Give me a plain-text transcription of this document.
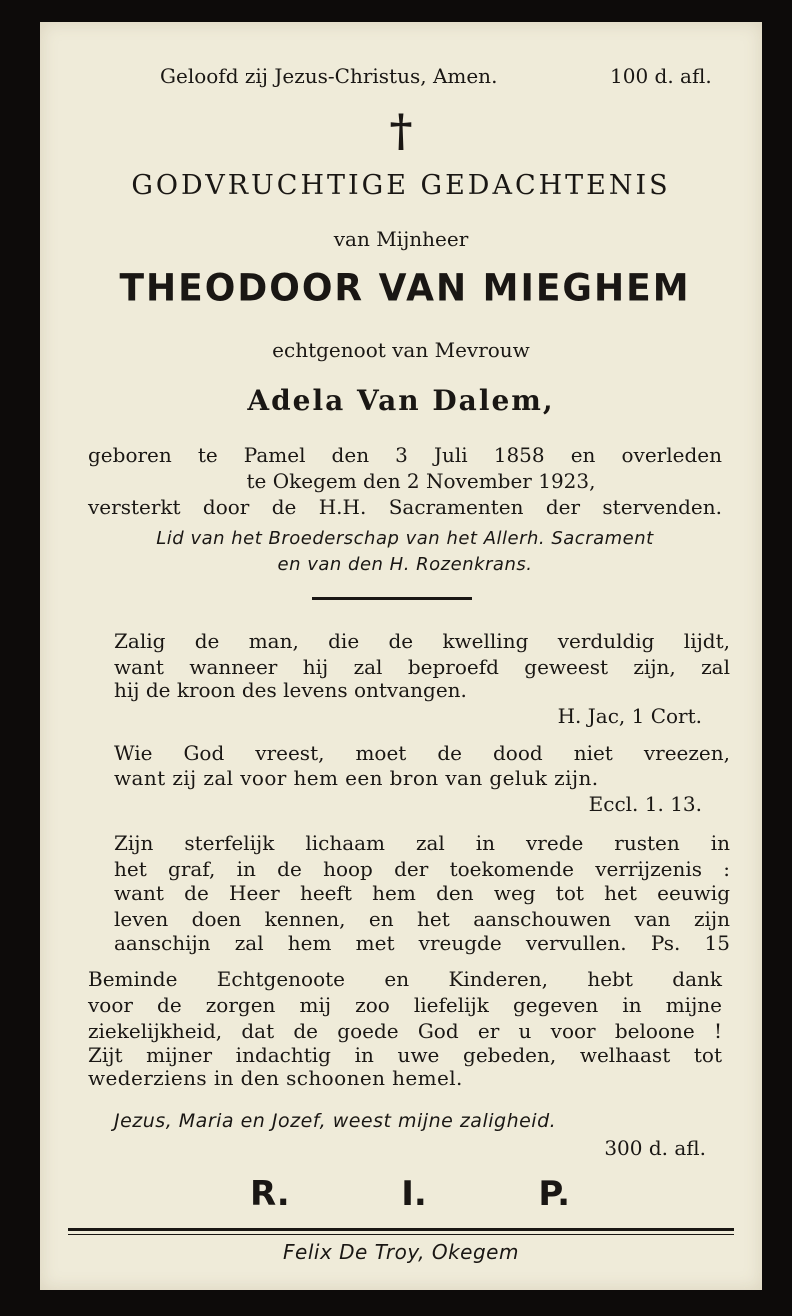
Geloofd zij Jezus-Christus, Amen.	100 d. afl.
†
GODVRUCHTIGE GEDACHTENIS
van Mijnheer
THEODOOR VAN MIEGHEM
echtgenoot van Mevrouw
Adela Van Dalem,
geboren te Pamel den 3 Juli 1858 en overleden
te Okegem den 2 November 1923,
versterkt door de H.H. Sacramenten der stervenden.
Lid van het Broederschap van het Allerh. Sacrament
en van den H. Rozenkrans.
Zalig de man, die de kwelling verduldig lijdt,
want wanneer hij zal beproefd geweest zijn, zal
hij de kroon des levens ontvangen.
H. Jac, 1 Cort.
Wie God vreest, moet de dood niet vreezen,
want zij zal voor hem een bron van geluk zijn.
Eccl. 1. 13.
Zijn sterfelijk lichaam zal in vrede rusten in
het graf, in de hoop der toekomende verrijzenis :
want de Heer heeft hem den weg tot het eeuwig
leven doen kennen, en het aanschouwen van zijn
aanschijn zal hem met vreugde vervullen. Ps. 15
Beminde Echtgenoote en Kinderen, hebt dank
voor de zorgen mij zoo liefelijk gegeven in mijne
ziekelijkheid, dat de goede God er u voor beloone !
Zijt mijner indachtig in uwe gebeden, welhaast tot
wederziens in den schoonen hemel.
Jezus, Maria en Jozef, weest mijne zaligheid.
300 d. afl.
R.	I.	P.
Felix De Troy, Okegem
